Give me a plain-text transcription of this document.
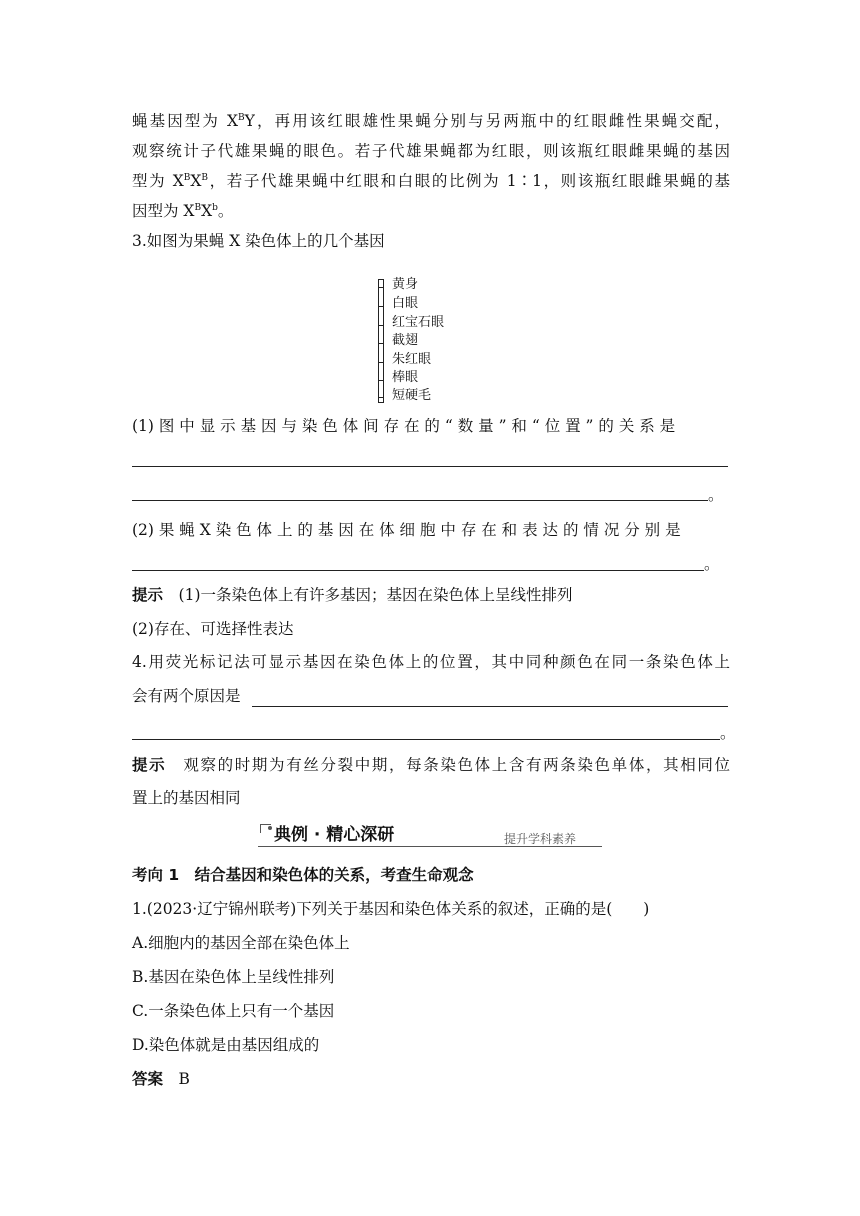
蝇基因型为 $X^BY$，再用该红眼雄性果蝇分别与另两瓶中的红眼雌性果蝇交配，
观察统计子代雄果蝇的眼色。若子代雄果蝇都为红眼，则该瓶红眼雌果蝇的基因
型为 $X^BX^B$，若子代雄果蝇中红眼和白眼的比例为 1∶1，则该瓶红眼雌果蝇的基
因型为 $X^BX^b$。
3.如图为果蝇 X 染色体上的几个基因
黄身
白眼
红宝石眼
截翅
朱红眼
棒眼
短硬毛
(1) 图 中 显 示 基 因 与 染 色 体 间 存 在 的 “ 数 量 ” 和 “ 位 置 ” 的 关 系 是
。
(2) 果 蝇 X 染 色 体 上 的 基 因 在 体 细 胞 中 存 在 和 表 达 的 情 况 分 别 是
。
提示　 (1)一条染色体上有许多基因；基因在染色体上呈线性排列
(2)存在、可选择性表达
4.用荧光标记法可显示基因在染色体上的位置，其中同种颜色在同一条染色体上
会有两个原因是
。
提示　 观察的时期为有丝分裂中期，每条染色体上含有两条染色单体，其相同位
置上的基因相同
典例 · 精心深研	提升学科素养
考向 1　结合基因和染色体的关系，考查生命观念
1.(2023·辽宁锦州联考)下列关于基因和染色体关系的叙述，正确的是(　　)
A.细胞内的基因全部在染色体上
B.基因在染色体上呈线性排列
C.一条染色体上只有一个基因
D.染色体就是由基因组成的
答案　 B
